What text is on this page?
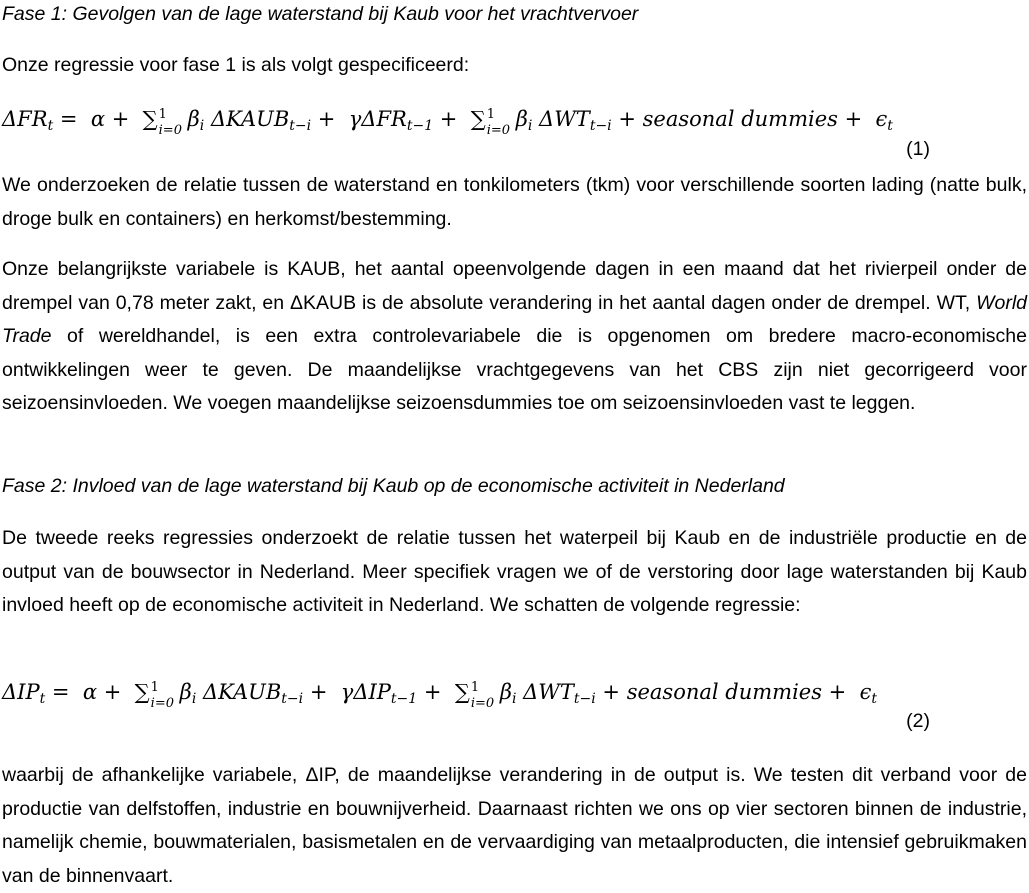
Fase 1: Gevolgen van de lage waterstand bij Kaub voor het vrachtvervoer
Onze regressie voor fase 1 is als volgt gespecificeerd:
$\Delta FR_t = \alpha$ +  ∑ 1
i=0 $\beta_i$ $\Delta KAUB_{t-i} + \gamma\Delta FR_{t-1}$ +  ∑ 1
i=0 $\beta_i$ $\Delta WT_{t-i}$ + seasonal dummies +  $\epsilon_t$
(1)
We onderzoeken de relatie tussen de waterstand en tonkilometers (tkm) voor verschillende soorten lading (natte bulk, droge bulk en containers) en herkomst/bestemming.
Onze belangrijkste variabele is KAUB, het aantal opeenvolgende dagen in een maand dat het rivierpeil onder de drempel van 0,78 meter zakt, en ΔKAUB is de absolute verandering in het aantal dagen onder de drempel. WT, World Trade of wereldhandel, is een extra controlevariabele die is opgenomen om bredere macro-economische ontwikkelingen weer te geven. De maandelijkse vrachtgegevens van het CBS zijn niet gecorrigeerd voor seizoensinvloeden. We voegen maandelijkse seizoensdummies toe om seizoensinvloeden vast te leggen.
Fase 2: Invloed van de lage waterstand bij Kaub op de economische activiteit in Nederland
De tweede reeks regressies onderzoekt de relatie tussen het waterpeil bij Kaub en de industriële productie en de output van de bouwsector in Nederland. Meer specifiek vragen we of de verstoring door lage waterstanden bij Kaub invloed heeft op de economische activiteit in Nederland. We schatten de volgende regressie:
$\Delta IP_t = \alpha$ +  ∑ 1
i=0 $\beta_i$ $\Delta KAUB_{t-i} + \gamma\Delta IP_{t-1}$ +  ∑ 1
i=0 $\beta_i$ $\Delta WT_{t-i}$ + seasonal dummies +  $\epsilon_t$
(2)
waarbij de afhankelijke variabele, ΔIP, de maandelijkse verandering in de output is. We testen dit verband voor de productie van delfstoffen, industrie en bouwnijverheid. Daarnaast richten we ons op vier sectoren binnen de industrie, namelijk chemie, bouwmaterialen, basismetalen en de vervaardiging van metaalproducten, die intensief gebruikmaken van de binnenvaart.
